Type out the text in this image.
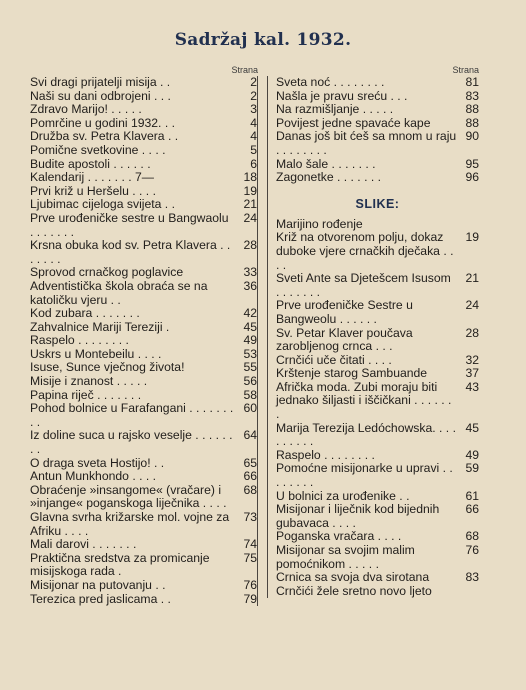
Sadržaj kal. 1932.
Strana
Svi dragi prijatelji misija . .	2
Naši su dani odbrojeni . . .	2
Zdravo Marijo! . . . . .	3
Pomrčine u godini 1932. . .	4
Družba sv. Petra Klavera . .	4
Pomične svetkovine . . . .	5
Budite apostoli . . . . . .	6
Kalendarij . . . . . . . 7—	18
Prvi križ u Heršelu . . . .	19
Ljubimac cijeloga svijeta . .	21
Prve urođeničke sestre u Bangwaolu . . . . . . .
24
Krsna obuka kod sv. Petra Klavera . . . . . . .
28
Sprovod crnačkog poglavice	33
Adventistička škola obraća se na katoličku vjeru . .
36
Kod zubara . . . . . . .	42
Zahvalnice Mariji Tereziji .	45
Raspelo . . . . . . . .	49
Uskrs u Montebeilu . . . .	53
Isuse, Sunce vječnog života!	55
Misije i znanost . . . . .	56
Papina riječ . . . . . . .	58
Pohod bolnice u Farafangani . . . . . . . . .
60
Iz doline suca u rajsko veselje . . . . . . . .
64
O draga sveta Hostijo! . .	65
Antun Munkhondo . . . .	66
Obraćenje »insangome« (vračare) i »injange« poganskoga liječnika . . . .
68
Glavna svrha križarske mol. vojne za Afriku . . . .
73
Mali darovi . . . . . . .	74
Praktična sredstva za promicanje misijskoga rada .
75
Misijonar na putovanju . .	76
Terezica pred jaslicama . .	79
Strana
Sveta noć . . . . . . . .	81
Našla je pravu sreću . . .	83
Na razmišljanje . . . . .	88
Povijest jedne spavaće kape	88
Danas još bit ćeš sa mnom u raju . . . . . . . .
90
Malo šale . . . . . . .	95
Zagonetke . . . . . . .	96
SLIKE:
Marijino rođenje
Križ na otvorenom polju, dokaz duboke vjere crnačkih dječaka . . . .
19
Sveti Ante sa Djetešcem Isusom . . . . . . .
21
Prve urođeničke Sestre u Bangweolu . . . . . .
24
Sv. Petar Klaver poučava zarobljenog crnca . . .
28
Crnčići uče čitati . . . .	32
Krštenje starog Sambuande	37
Afrička moda. Zubi moraju biti jednako šiljasti i iščičkani . . . . . . .
43
Marija Terezija Ledóchowska. . . . . . . . . .
45
Raspelo . . . . . . . .	49
Pomoćne misijonarke u upravi . . . . . . . .
59
U bolnici za urođenike . .	61
Misijonar i liječnik kod bijednih gubavaca . . . .
66
Poganska vračara . . . .	68
Misijonar sa svojim malim pomoćnikom . . . . .
76
Crnica sa svoja dva sirotana	83
Crnčići žele sretno novo ljeto
